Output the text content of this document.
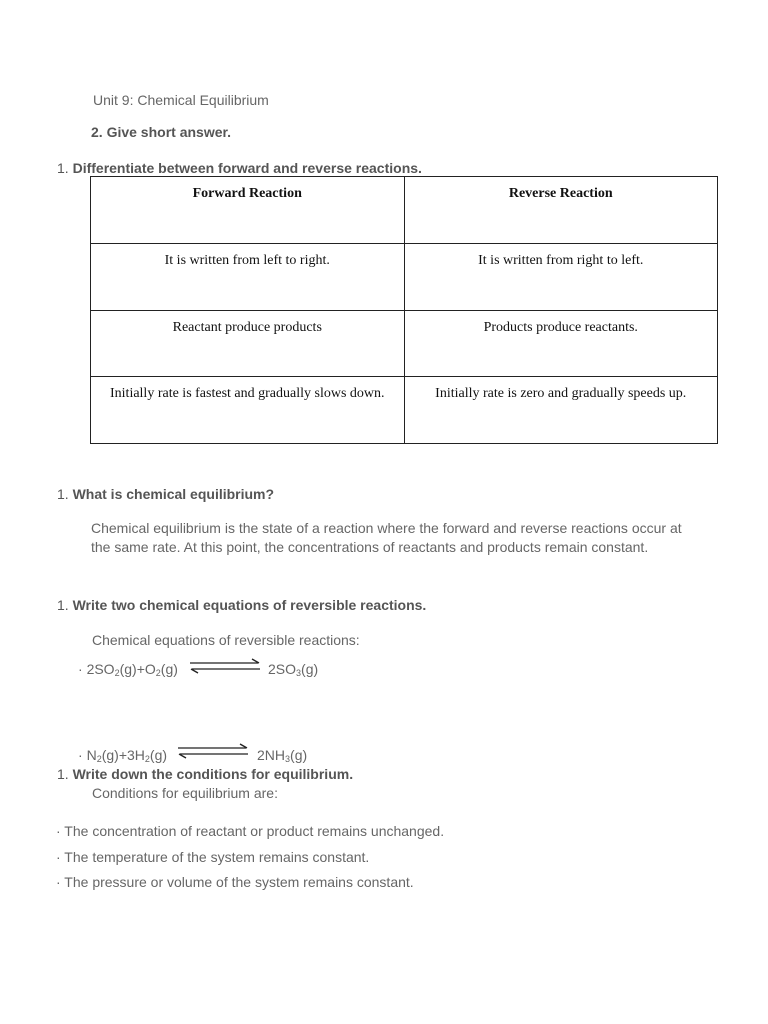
Unit 9: Chemical Equilibrium
2. Give short answer.
1. Differentiate between forward and reverse reactions.
Forward Reaction	Reverse Reaction
It is written from left to right.	It is written from right to left.
Reactant produce products	Products produce reactants.
Initially rate is fastest and gradually slows down.	Initially rate is zero and gradually speeds up.
1. What is chemical equilibrium?
Chemical equilibrium is the state of a reaction where the forward and reverse reactions occur at the same rate. At this point, the concentrations of reactants and products remain constant.
1. Write two chemical equations of reversible reactions.
Chemical equations of reversible reactions:
· $2SO_2(g)+O_2(g)$	$2SO_3(g)$
· $N_2(g)+3H_2(g)$	$2NH_3(g)$
1. Write down the conditions for equilibrium.
Conditions for equilibrium are:
· The concentration of reactant or product remains unchanged.
· The temperature of the system remains constant.
· The pressure or volume of the system remains constant.
